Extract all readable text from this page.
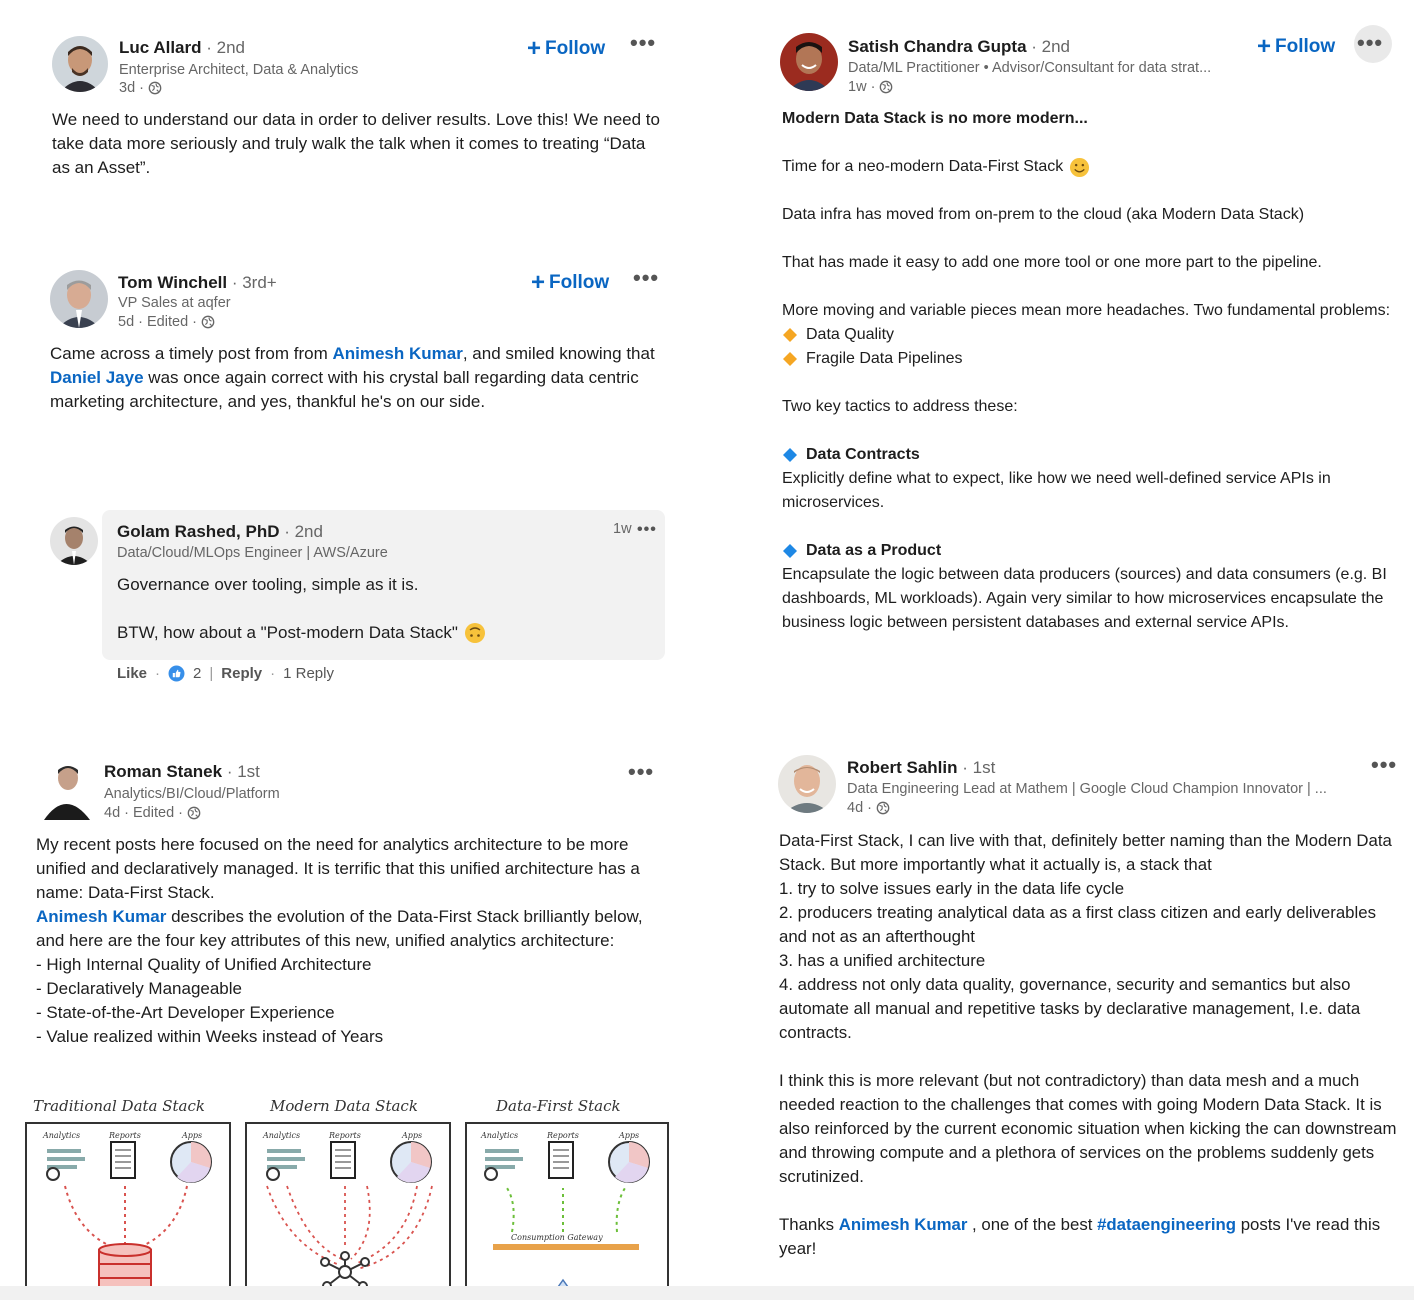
Luc Allard · 2nd
Enterprise Architect, Data & Analytics
3d ·
+ Follow •••

We need to understand our data in order to deliver results. Love this! We need to take data more seriously and truly walk the talk when it comes to treating “Data as an Asset”.

Tom Winchell · 3rd+
VP Sales at aqfer
5d · Edited ·
+ Follow •••
Came across a timely post from from Animesh Kumar, and smiled knowing that Daniel Jaye was once again correct with his crystal ball regarding data centric marketing architecture, and yes, thankful he's on our side.
Golam Rashed, PhD · 2nd
Data/Cloud/MLOps Engineer | AWS/Azure
1w •••

Governance over tooling, simple as it is.

BTW, how about a "Post-modern Data Stack"

Like · 2 | Reply · 1 Reply
Roman Stanek · 1st
Analytics/BI/Cloud/Platform
4d · Edited ·
•••

My recent posts here focused on the need for analytics architecture to be more unified and declaratively managed. It is terrific that this unified architecture has a name: Data-First Stack.

Animesh Kumar describes the evolution of the Data-First Stack brilliantly below, and here are the four key attributes of this new, unified analytics architecture:

- High Internal Quality of Unified Architecture

- Declaratively Manageable

- State-of-the-Art Developer Experience

- Value realized within Weeks instead of Years

Traditional Data Stack
Analytics	Reports	Apps
Modern Data Stack
Analytics	Reports	Apps
Data-First Stack
Analytics	Reports	Apps
Consumption Gateway
Satish Chandra Gupta · 2nd
Data/ML Practitioner • Advisor/Consultant for data strat...
1w ·
+ Follow •••

Modern Data Stack is no more modern...

Time for a neo-modern Data-First Stack

Data infra has moved from on-prem to the cloud (aka Modern Data Stack)

That has made it easy to add one more tool or one more part to the pipeline.

More moving and variable pieces mean more headaches. Two fundamental problems:

Data Quality

Fragile Data Pipelines

Two key tactics to address these:

Data Contracts

Explicitly define what to expect, like how we need well-defined service APIs in microservices.

Data as a Product

Encapsulate the logic between data producers (sources) and data consumers (e.g. BI dashboards, ML workloads). Again very similar to how microservices encapsulate the business logic between persistent databases and external service APIs.

Robert Sahlin · 1st
Data Engineering Lead at Mathem | Google Cloud Champion Innovator | ...
4d ·
•••

Data-First Stack, I can live with that, definitely better naming than the Modern Data Stack. But more importantly what it actually is, a stack that

1. try to solve issues early in the data life cycle

2. producers treating analytical data as a first class citizen and early deliverables and not as an afterthought

3. has a unified architecture

4. address not only data quality, governance, security and semantics but also automate all manual and repetitive tasks by declarative management, I.e. data contracts.

I think this is more relevant (but not contradictory) than data mesh and a much needed reaction to the challenges that comes with going Modern Data Stack. It is also reinforced by the current economic situation when kicking the can downstream and throwing compute and a plethora of services on the problems suddenly gets scrutinized.

Thanks Animesh Kumar , one of the best #dataengineering posts I've read this year!
